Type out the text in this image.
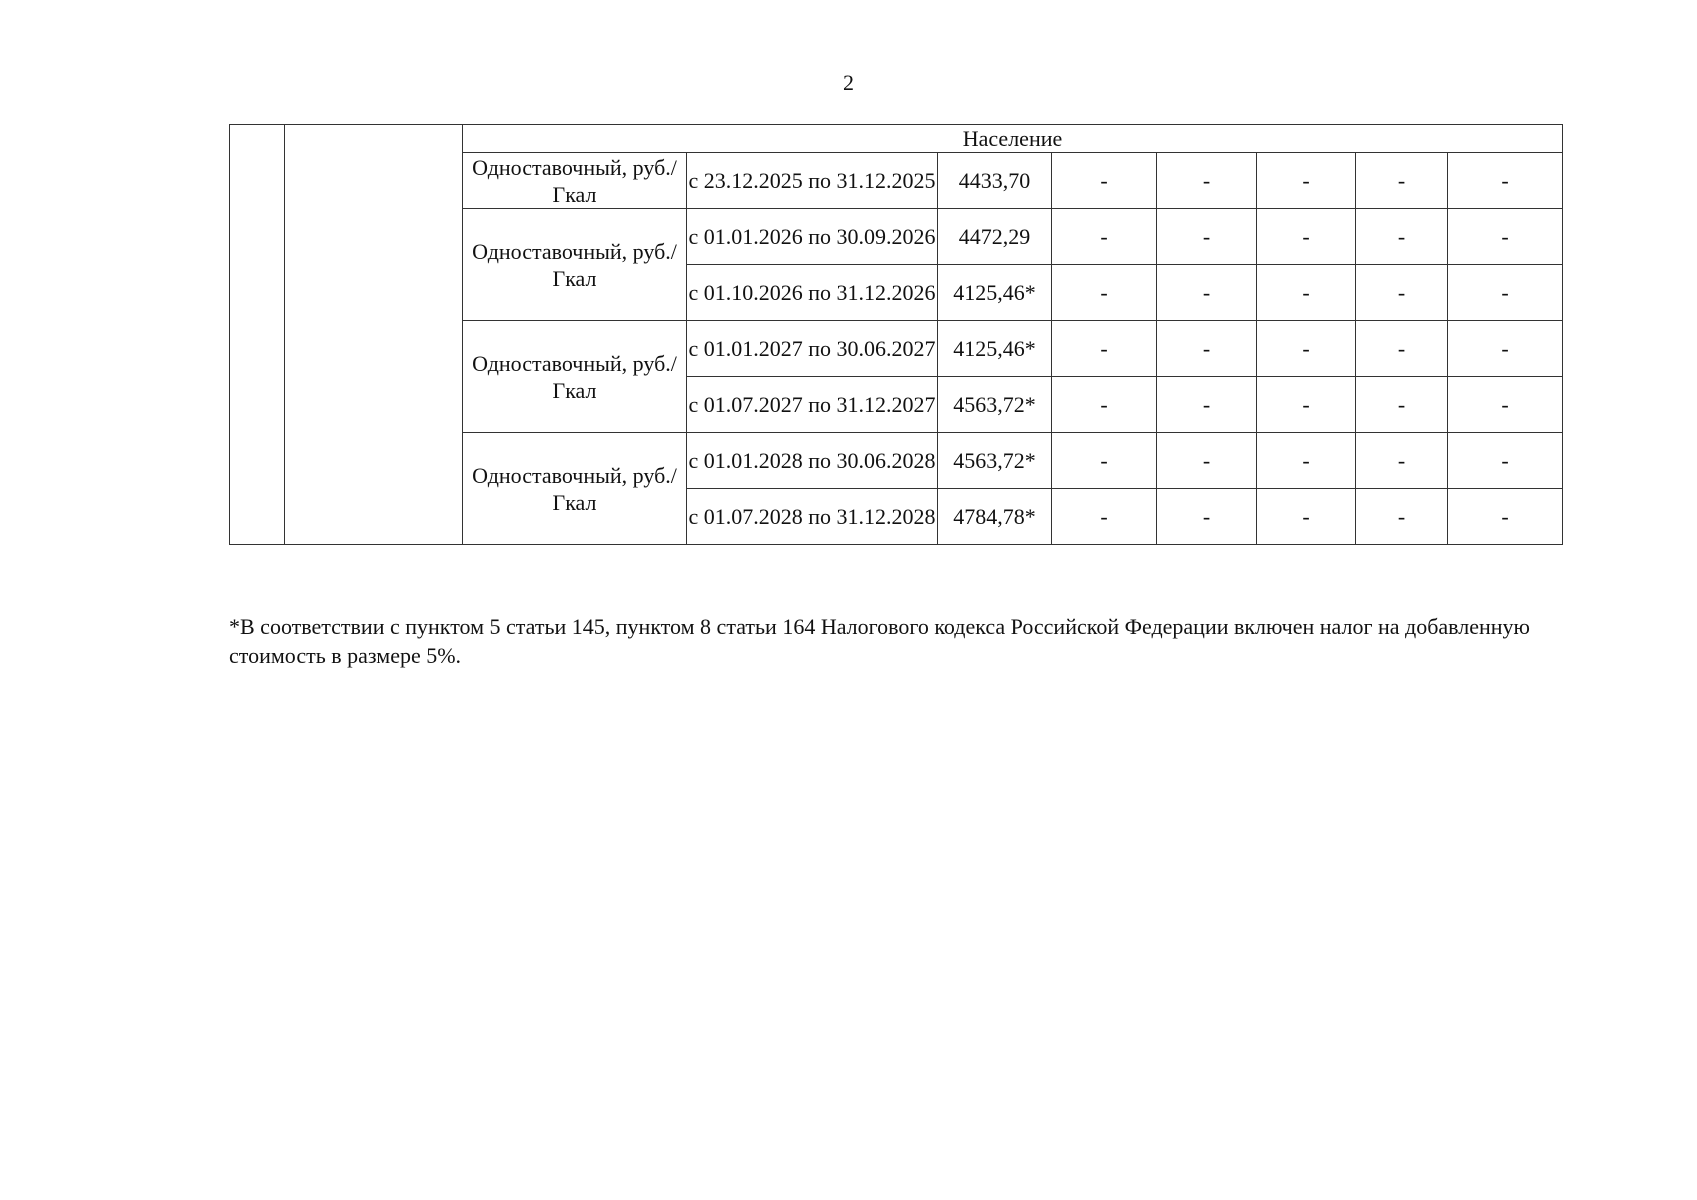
2
		Население							
		Одноставочный, руб./Гкал	с 23.12.2025 по 31.12.2025	4433,70	-	-	-	-	-
		Одноставочный, руб./Гкал	с 01.01.2026 по 30.09.2026	4472,29	-	-	-	-	-
			с 01.10.2026 по 31.12.2026	4125,46*	-	-	-	-	-
		Одноставочный, руб./Гкал	с 01.01.2027 по 30.06.2027	4125,46*	-	-	-	-	-
			с 01.07.2027 по 31.12.2027	4563,72*	-	-	-	-	-
		Одноставочный, руб./Гкал	с 01.01.2028 по 30.06.2028	4563,72*	-	-	-	-	-
			с 01.07.2028 по 31.12.2028	4784,78*	-	-	-	-	-
*В соответствии с пунктом 5 статьи 145, пунктом 8 статьи 164 Налогового кодекса Российской Федерации включен налог на добавленную стоимость в размере 5%.
